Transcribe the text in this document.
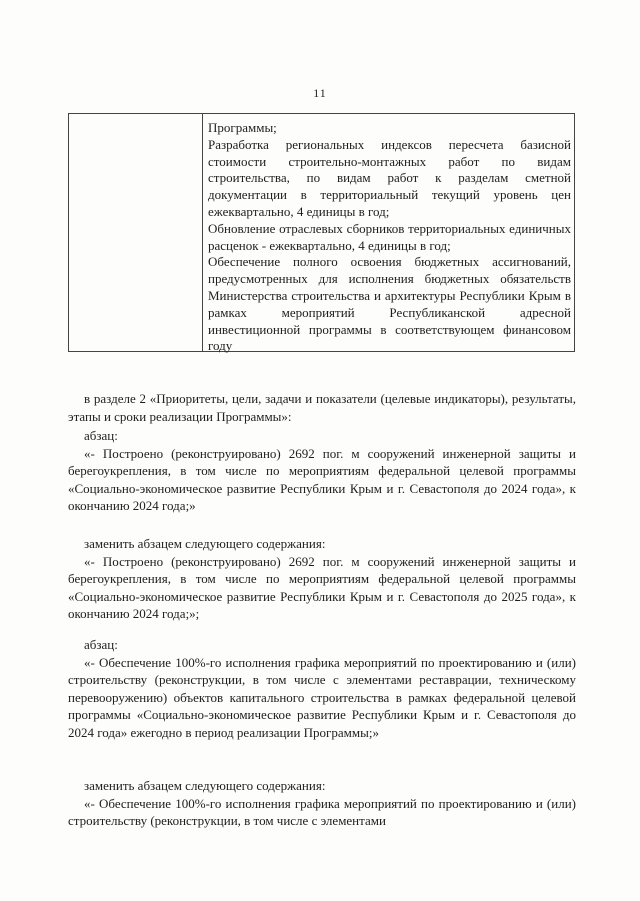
11

Программы;

Разработка региональных индексов пересчета базисной стоимости строительно-монтажных работ по видам строительства, по видам работ к разделам сметной документации в территориальный текущий уровень цен ежеквартально, 4 единицы в год;

Обновление отраслевых сборников территориальных единичных расценок - ежеквартально, 4 единицы в год;

Обеспечение полного освоения бюджетных ассигнований, предусмотренных для исполнения бюджетных обязательств Министерства строительства и архитектуры Республики Крым в рамках мероприятий Республиканской адресной инвестиционной программы в соответствующем финансовом году

в разделе 2 «Приоритеты, цели, задачи и показатели (целевые индикаторы), результаты, этапы и сроки реализации Программы»:

абзац:

«- Построено (реконструировано) 2692 пог. м сооружений инженерной защиты и берегоукрепления, в том числе по мероприятиям федеральной целевой программы «Социально-экономическое развитие Республики Крым и г. Севастополя до 2024 года», к окончанию 2024 года;»

заменить абзацем следующего содержания:

«- Построено (реконструировано) 2692 пог. м сооружений инженерной защиты и берегоукрепления, в том числе по мероприятиям федеральной целевой программы «Социально-экономическое развитие Республики Крым и г. Севастополя до 2025 года», к окончанию 2024 года;»;

абзац:

«- Обеспечение 100%-го исполнения графика мероприятий по проектированию и (или) строительству (реконструкции, в том числе с элементами реставрации, техническому перевооружению) объектов капитального строительства в рамках федеральной целевой программы «Социально-экономическое развитие Республики Крым и г. Севастополя до 2024 года» ежегодно в период реализации Программы;»

заменить абзацем следующего содержания:

«- Обеспечение 100%-го исполнения графика мероприятий по проектированию и (или) строительству (реконструкции, в том числе с элементами
